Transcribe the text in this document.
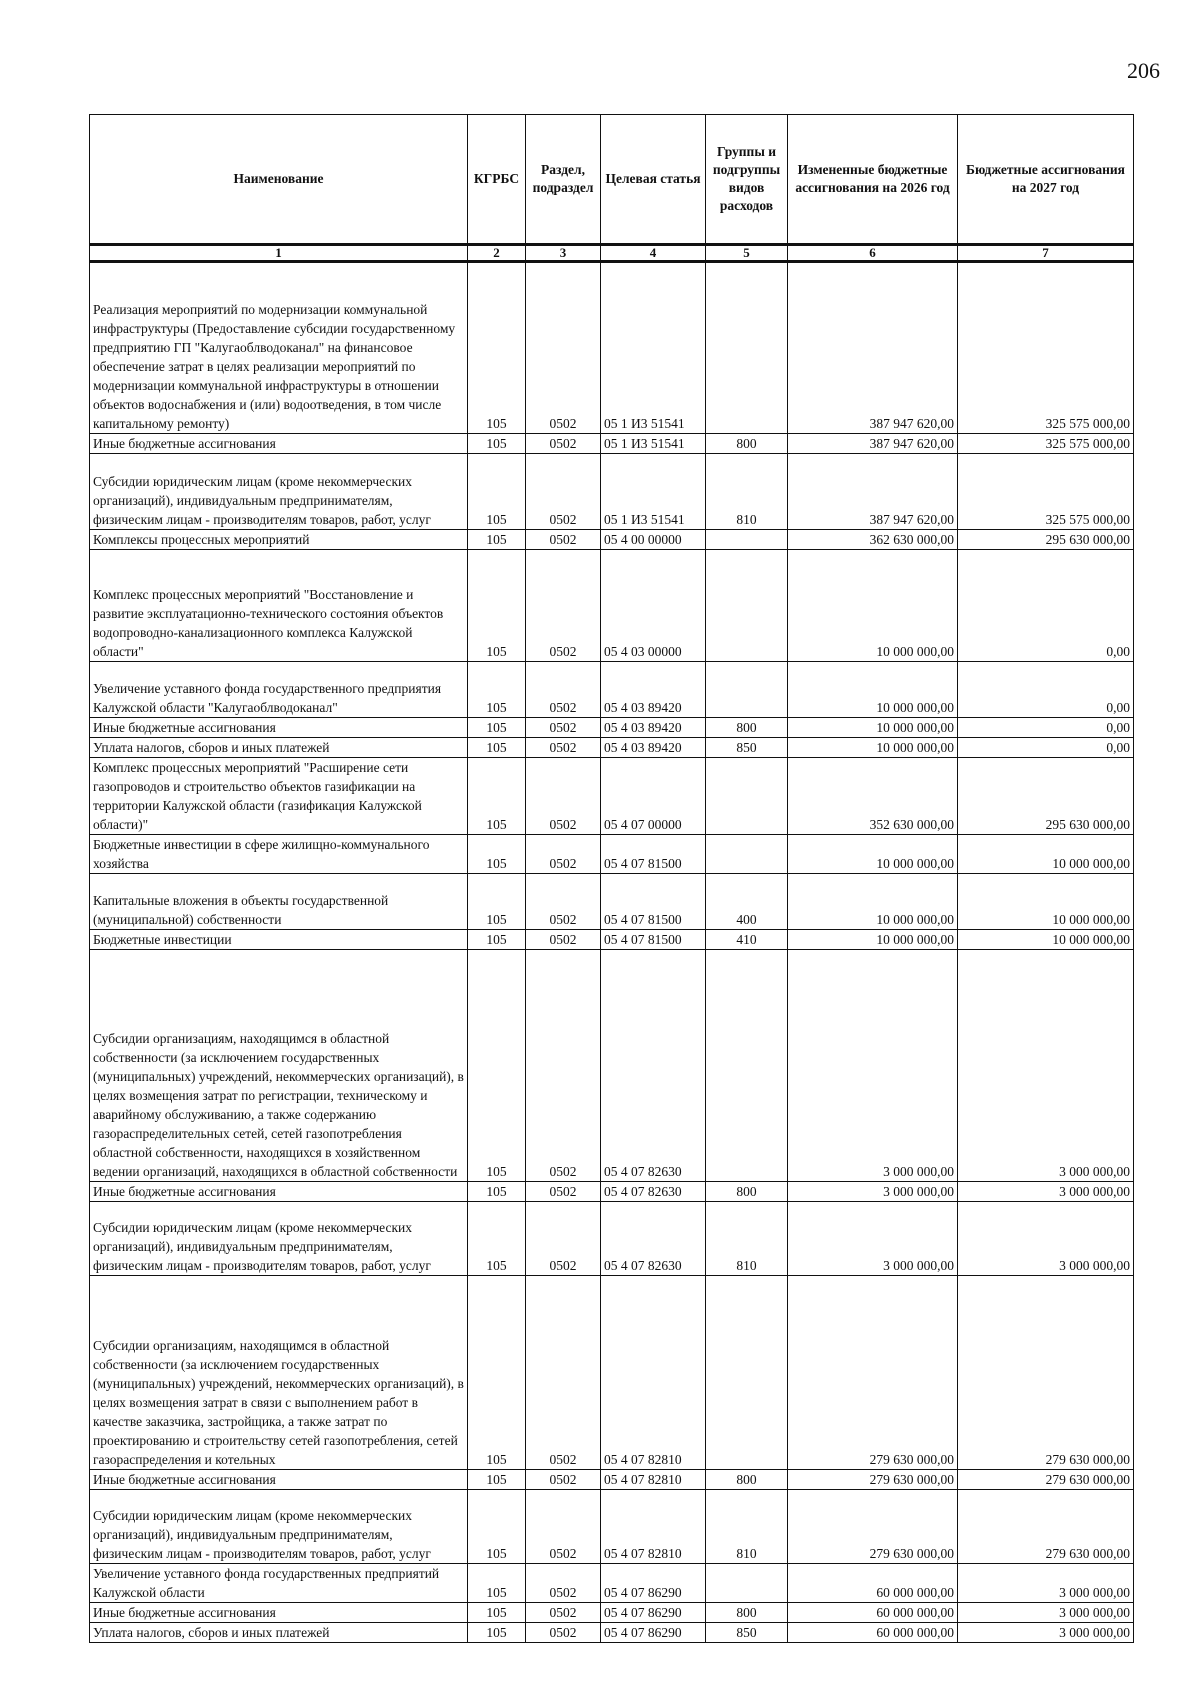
206
Наименование	КГРБС	Раздел, подраздел	Целевая статья	Группы и подгруппы видов расходов	Измененные бюджетные ассигнования на 2026 год	Бюджетные ассигнования на 2027 год
1	2	3	4	5	6	7
Реализация мероприятий по модернизации коммунальной инфраструктуры (Предоставление субсидии государственному предприятию ГП "Калугаоблводоканал" на финансовое обеспечение затрат в целях реализации мероприятий по модернизации коммунальной инфраструктуры в отношении объектов водоснабжения и (или) водоотведения, в том числе капитальному ремонту)	105	0502	05 1 И3 51541		387 947 620,00	325 575 000,00
Иные бюджетные ассигнования	105	0502	05 1 И3 51541	800	387 947 620,00	325 575 000,00
Субсидии юридическим лицам (кроме некоммерческих организаций), индивидуальным предпринимателям, физическим лицам - производителям товаров, работ, услуг	105	0502	05 1 И3 51541	810	387 947 620,00	325 575 000,00
Комплексы процессных мероприятий	105	0502	05 4 00 00000		362 630 000,00	295 630 000,00
Комплекс процессных мероприятий "Восстановление и развитие эксплуатационно-технического состояния объектов водопроводно-канализационного комплекса Калужской области"	105	0502	05 4 03 00000		10 000 000,00	0,00
Увеличение уставного фонда государственного предприятия Калужской области "Калугаоблводоканал"	105	0502	05 4 03 89420		10 000 000,00	0,00
Иные бюджетные ассигнования	105	0502	05 4 03 89420	800	10 000 000,00	0,00
Уплата налогов, сборов и иных платежей	105	0502	05 4 03 89420	850	10 000 000,00	0,00
Комплекс процессных мероприятий "Расширение сети газопроводов и строительство объектов газификации на территории Калужской области (газификация Калужской области)"	105	0502	05 4 07 00000		352 630 000,00	295 630 000,00
Бюджетные инвестиции в сфере жилищно-коммунального хозяйства	105	0502	05 4 07 81500		10 000 000,00	10 000 000,00
Капитальные вложения в объекты государственной (муниципальной) собственности	105	0502	05 4 07 81500	400	10 000 000,00	10 000 000,00
Бюджетные инвестиции	105	0502	05 4 07 81500	410	10 000 000,00	10 000 000,00
Субсидии организациям, находящимся в областной собственности (за исключением государственных (муниципальных) учреждений, некоммерческих организаций), в целях возмещения затрат по регистрации, техническому и аварийному обслуживанию, а также содержанию газораспределительных сетей, сетей газопотребления областной собственности, находящихся в хозяйственном ведении организаций, находящихся в областной собственности	105	0502	05 4 07 82630		3 000 000,00	3 000 000,00
Иные бюджетные ассигнования	105	0502	05 4 07 82630	800	3 000 000,00	3 000 000,00
Субсидии юридическим лицам (кроме некоммерческих организаций), индивидуальным предпринимателям, физическим лицам - производителям товаров, работ, услуг	105	0502	05 4 07 82630	810	3 000 000,00	3 000 000,00
Субсидии организациям, находящимся в областной собственности (за исключением государственных (муниципальных) учреждений, некоммерческих организаций), в целях возмещения затрат в связи с выполнением работ в качестве заказчика, застройщика, а также затрат по проектированию и строительству сетей газопотребления, сетей газораспределения и котельных	105	0502	05 4 07 82810		279 630 000,00	279 630 000,00
Иные бюджетные ассигнования	105	0502	05 4 07 82810	800	279 630 000,00	279 630 000,00
Субсидии юридическим лицам (кроме некоммерческих организаций), индивидуальным предпринимателям, физическим лицам - производителям товаров, работ, услуг	105	0502	05 4 07 82810	810	279 630 000,00	279 630 000,00
Увеличение уставного фонда государственных предприятий Калужской области	105	0502	05 4 07 86290		60 000 000,00	3 000 000,00
Иные бюджетные ассигнования	105	0502	05 4 07 86290	800	60 000 000,00	3 000 000,00
Уплата налогов, сборов и иных платежей	105	0502	05 4 07 86290	850	60 000 000,00	3 000 000,00
